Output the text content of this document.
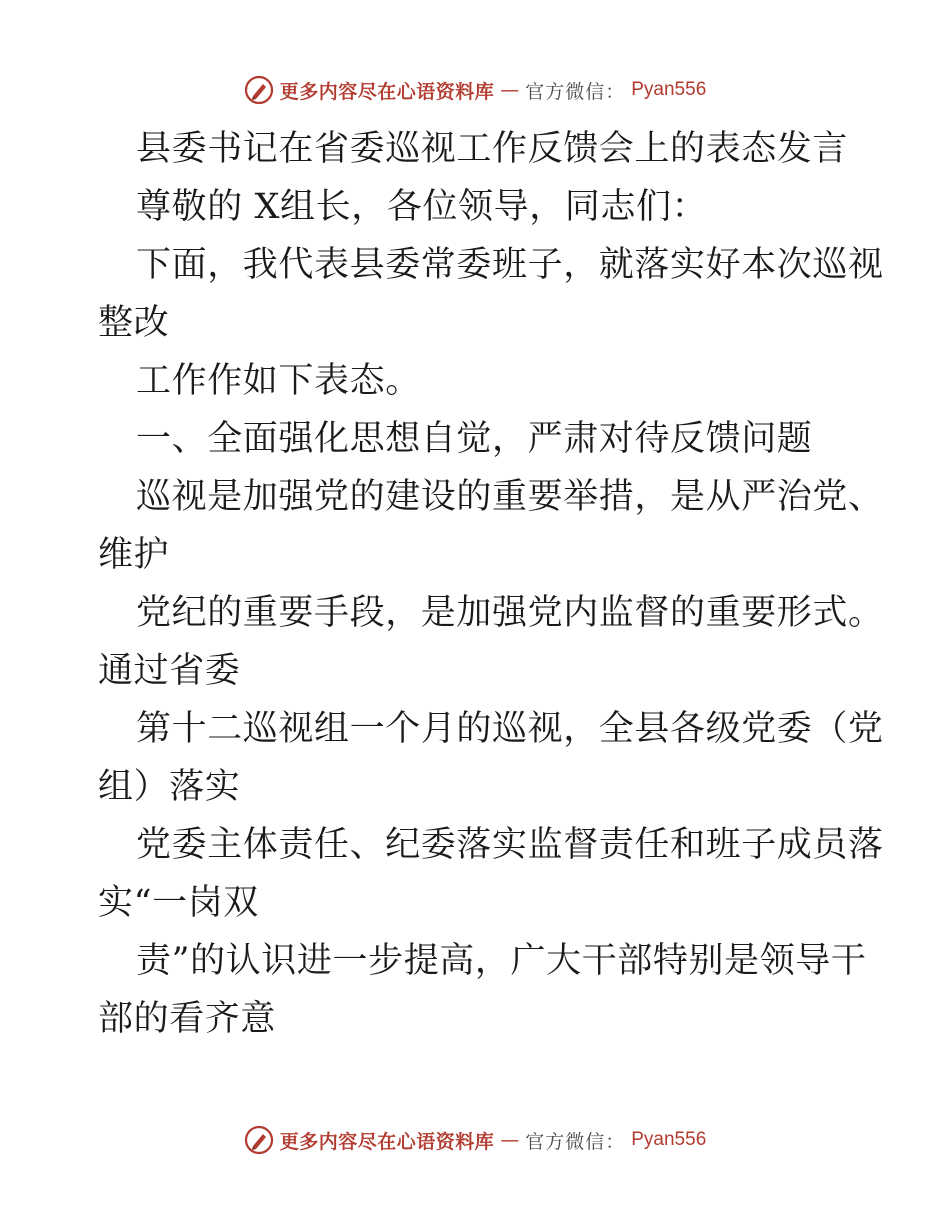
更多内容尽在心语资料库 — 官方微信： Pyan556
县委书记在省委巡视工作反馈会上的表态发言
尊敬的 X组长，各位领导，同志们：
下面，我代表县委常委班子，就落实好本次巡视
整改
工作作如下表态。
一、全面强化思想自觉，严肃对待反馈问题
巡视是加强党的建设的重要举措，是从严治党、
维护
党纪的重要手段，是加强党内监督的重要形式。
通过省委
第十二巡视组一个月的巡视，全县各级党委（党
组）落实
党委主体责任、纪委落实监督责任和班子成员落
实“一岗双
责”的认识进一步提高，广大干部特别是领导干
部的看齐意
更多内容尽在心语资料库 — 官方微信： Pyan556
